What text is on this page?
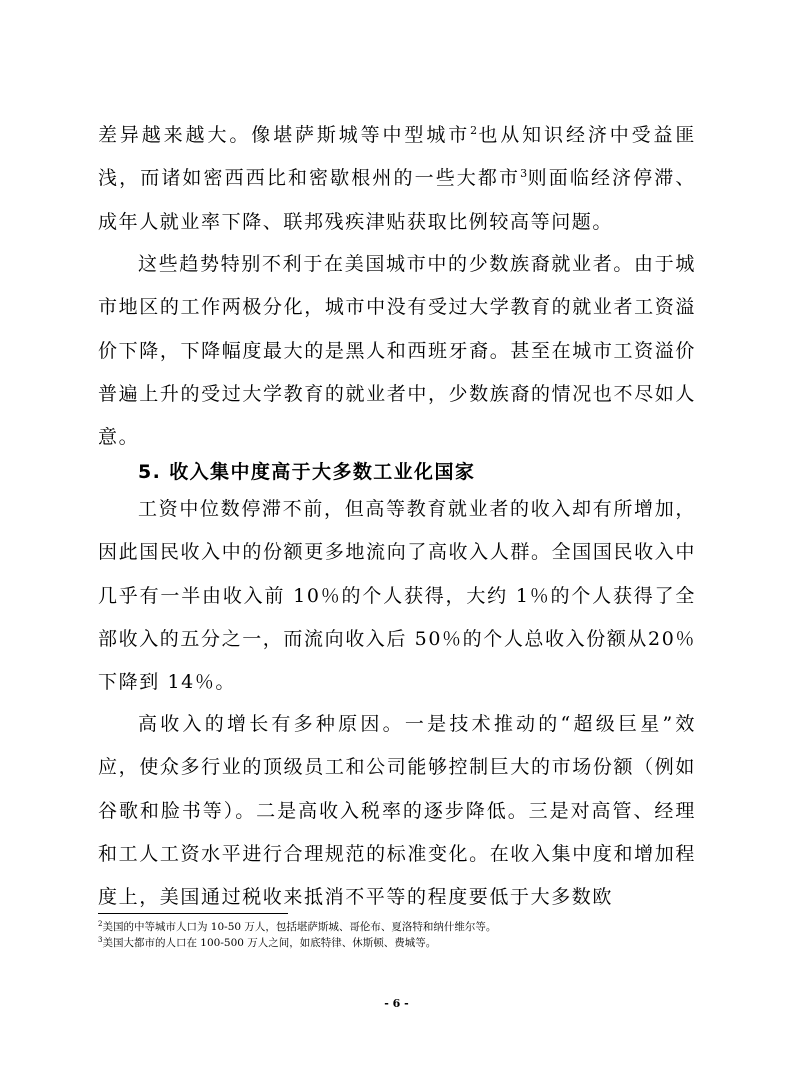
差异越来越大。像堪萨斯城等中型城市$^2$也从知识经济中受益匪浅，而诸如密西西比和密歇根州的一些大都市$^3$则面临经济停滞、成年人就业率下降、联邦残疾津贴获取比例较高等问题。

这些趋势特别不利于在美国城市中的少数族裔就业者。由于城市地区的工作两极分化，城市中没有受过大学教育的就业者工资溢价下降，下降幅度最大的是黑人和西班牙裔。甚至在城市工资溢价普遍上升的受过大学教育的就业者中，少数族裔的情况也不尽如人意。

5. 收入集中度高于大多数工业化国家

工资中位数停滞不前，但高等教育就业者的收入却有所增加，因此国民收入中的份额更多地流向了高收入人群。全国国民收入中几乎有一半由收入前 10％的个人获得，大约 1％的个人获得了全部收入的五分之一，而流向收入后 50％的个人总收入份额从20％下降到 14％。

高收入的增长有多种原因。一是技术推动的“超级巨星”效应，使众多行业的顶级员工和公司能够控制巨大的市场份额（例如谷歌和脸书等）。二是高收入税率的逐步降低。三是对高管、经理和工人工资水平进行合理规范的标准变化。在收入集中度和增加程度上，美国通过税收来抵消不平等的程度要低于大多数欧

$^2$美国的中等城市人口为 10-50 万人，包括堪萨斯城、哥伦布、夏洛特和纳什维尔等。

$^3$美国大都市的人口在 100-500 万人之间，如底特律、休斯顿、费城等。

- 6 -
